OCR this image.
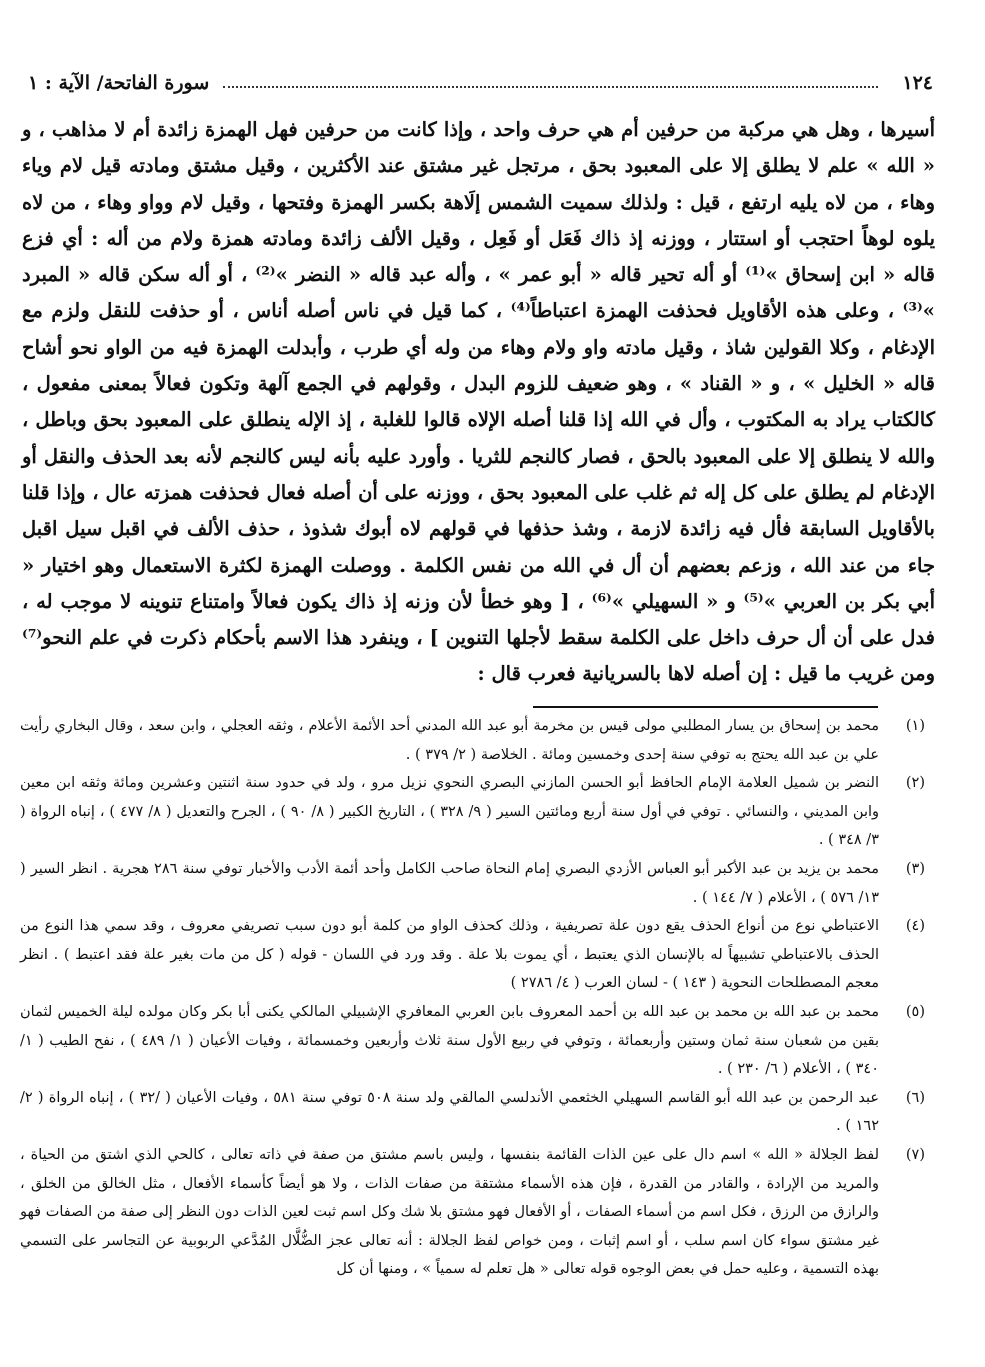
١٢٤
سورة الفاتحة/ الآية : ١

أسيرها ، وهل هي مركبة من حرفين أم هي حرف واحد ، وإذا كانت من حرفين فهل الهمزة زائدة أم لا مذاهب ، و « الله » علم لا يطلق إلا على المعبود بحق ، مرتجل غير مشتق عند الأكثرين ، وقيل مشتق ومادته قيل لام وياء وهاء ، من لاه يليه ارتفع ، قيل : ولذلك سميت الشمس إلَاهة بكسر الهمزة وفتحها ، وقيل لام وواو وهاء ، من لاه يلوه لوهاً احتجب أو استتار ، ووزنه إذ ذاك فَعَل أو فَعِل ، وقيل الألف زائدة ومادته همزة ولام من أله : أي فزع قاله « ابن إسحاق »⁽¹⁾ أو أله تحير قاله « أبو عمر » ، وأله عبد قاله « النضر »⁽²⁾ ، أو أله سكن قاله « المبرد »⁽³⁾ ، وعلى هذه الأقاويل فحذفت الهمزة اعتباطاً⁽⁴⁾ ، كما قيل في ناس أصله أناس ، أو حذفت للنقل ولزم مع الإدغام ، وكلا القولين شاذ ، وقيل مادته واو ولام وهاء من وله أي طرب ، وأبدلت الهمزة فيه من الواو نحو أشاح قاله « الخليل » ، و « القناد » ، وهو ضعيف للزوم البدل ، وقولهم في الجمع آلهة وتكون فعالاً بمعنى مفعول ، كالكتاب يراد به المكتوب ، وأل في الله إذا قلنا أصله الإلاه قالوا للغلبة ، إذ الإله ينطلق على المعبود بحق وباطل ، والله لا ينطلق إلا على المعبود بالحق ، فصار كالنجم للثريا . وأورد عليه بأنه ليس كالنجم لأنه بعد الحذف والنقل أو الإدغام لم يطلق على كل إله ثم غلب على المعبود بحق ، ووزنه على أن أصله فعال فحذفت همزته عال ، وإذا قلنا بالأقاويل السابقة فأل فيه زائدة لازمة ، وشذ حذفها في قولهم لاه أبوك شذوذ ، حذف الألف في اقبل سيل اقبل جاء من عند الله ، وزعم بعضهم أن أل في الله من نفس الكلمة . ووصلت الهمزة لكثرة الاستعمال وهو اختيار « أبي بكر بن العربي »⁽⁵⁾ و « السهيلي »⁽⁶⁾ ، [ وهو خطأ لأن وزنه إذ ذاك يكون فعالاً وامتناع تنوينه لا موجب له ، فدل على أن أل حرف داخل على الكلمة سقط لأجلها التنوين ] ، وينفرد هذا الاسم بأحكام ذكرت في علم النحو⁽⁷⁾ ومن غريب ما قيل : إن أصله لاها بالسريانية فعرب قال :

(١)
محمد بن إسحاق بن يسار المطلبي مولى قيس بن مخرمة أبو عبد الله المدني أحد الأئمة الأعلام ، وثقه العجلي ، وابن سعد ، وقال البخاري رأيت علي بن عبد الله يحتج به توفي سنة إحدى وخمسين ومائة . الخلاصة ( ٢/ ٣٧٩ ) .
(٢)
النضر بن شميل العلامة الإمام الحافظ أبو الحسن المازني البصري النحوي نزيل مرو ، ولد في حدود سنة اثنتين وعشرين ومائة وثقه ابن معين وابن المديني ، والنسائي . توفي في أول سنة أربع ومائتين السير ( ٩/ ٣٢٨ ) ، التاريخ الكبير ( ٨/ ٩٠ ) ، الجرح والتعديل ( ٨/ ٤٧٧ ) ، إنباه الرواة ( ٣/ ٣٤٨ ) .
(٣)
محمد بن يزيد بن عبد الأكبر أبو العباس الأزدي البصري إمام النحاة صاحب الكامل وأحد أئمة الأدب والأخبار توفي سنة ٢٨٦ هجرية . انظر السير ( ١٣/ ٥٧٦ ) ، الأعلام ( ٧/ ١٤٤ ) .
(٤)
الاعتباطي نوع من أنواع الحذف يقع دون علة تصريفية ، وذلك كحذف الواو من كلمة أبو دون سبب تصريفي معروف ، وقد سمي هذا النوع من الحذف بالاعتباطي تشبيهاً له بالإنسان الذي يعتبط ، أي يموت بلا علة . وقد ورد في اللسان - قوله ( كل من مات بغير علة فقد اعتبط ) . انظر معجم المصطلحات النحوية ( ١٤٣ ) - لسان العرب ( ٤/ ٢٧٨٦ )
(٥)
محمد بن عبد الله بن محمد بن عبد الله بن أحمد المعروف بابن العربي المعافري الإشبيلي المالكي يكنى أبا بكر وكان مولده ليلة الخميس لثمان بقين من شعبان سنة ثمان وستين وأربعمائة ، وتوفي في ربيع الأول سنة ثلاث وأربعين وخمسمائة ، وفيات الأعيان ( ١/ ٤٨٩ ) ، نفح الطيب ( ١/ ٣٤٠ ) ، الأعلام ( ٦/ ٢٣٠ ) .
(٦)
عبد الرحمن بن عبد الله أبو القاسم السهيلي الخثعمي الأندلسي المالقي ولد سنة ٥٠٨ توفي سنة ٥٨١ ، وفيات الأعيان ( /٣٢ ) ، إنباه الرواة ( ٢/ ١٦٢ ) .
(٧)
لفظ الجلالة « الله » اسم دال على عين الذات القائمة بنفسها ، وليس باسم مشتق من صفة في ذاته تعالى ، كالحي الذي اشتق من الحياة ، والمريد من الإرادة ، والقادر من القدرة ، فإن هذه الأسماء مشتقة من صفات الذات ، ولا هو أيضاً كأسماء الأفعال ، مثل الخالق من الخلق ، والرازق من الرزق ، فكل اسم من أسماء الصفات ، أو الأفعال فهو مشتق بلا شك وكل اسم ثبت لعين الذات دون النظر إلى صفة من الصفات فهو غير مشتق سواء كان اسم سلب ، أو اسم إثبات ، ومن خواص لفظ الجلالة : أنه تعالى عجز الضُّلَّال المُدَّعي الربوبية عن التجاسر على التسمي بهذه التسمية ، وعليه حمل في بعض الوجوه قوله تعالى « هل تعلم له سمياً » ، ومنها أن كل
